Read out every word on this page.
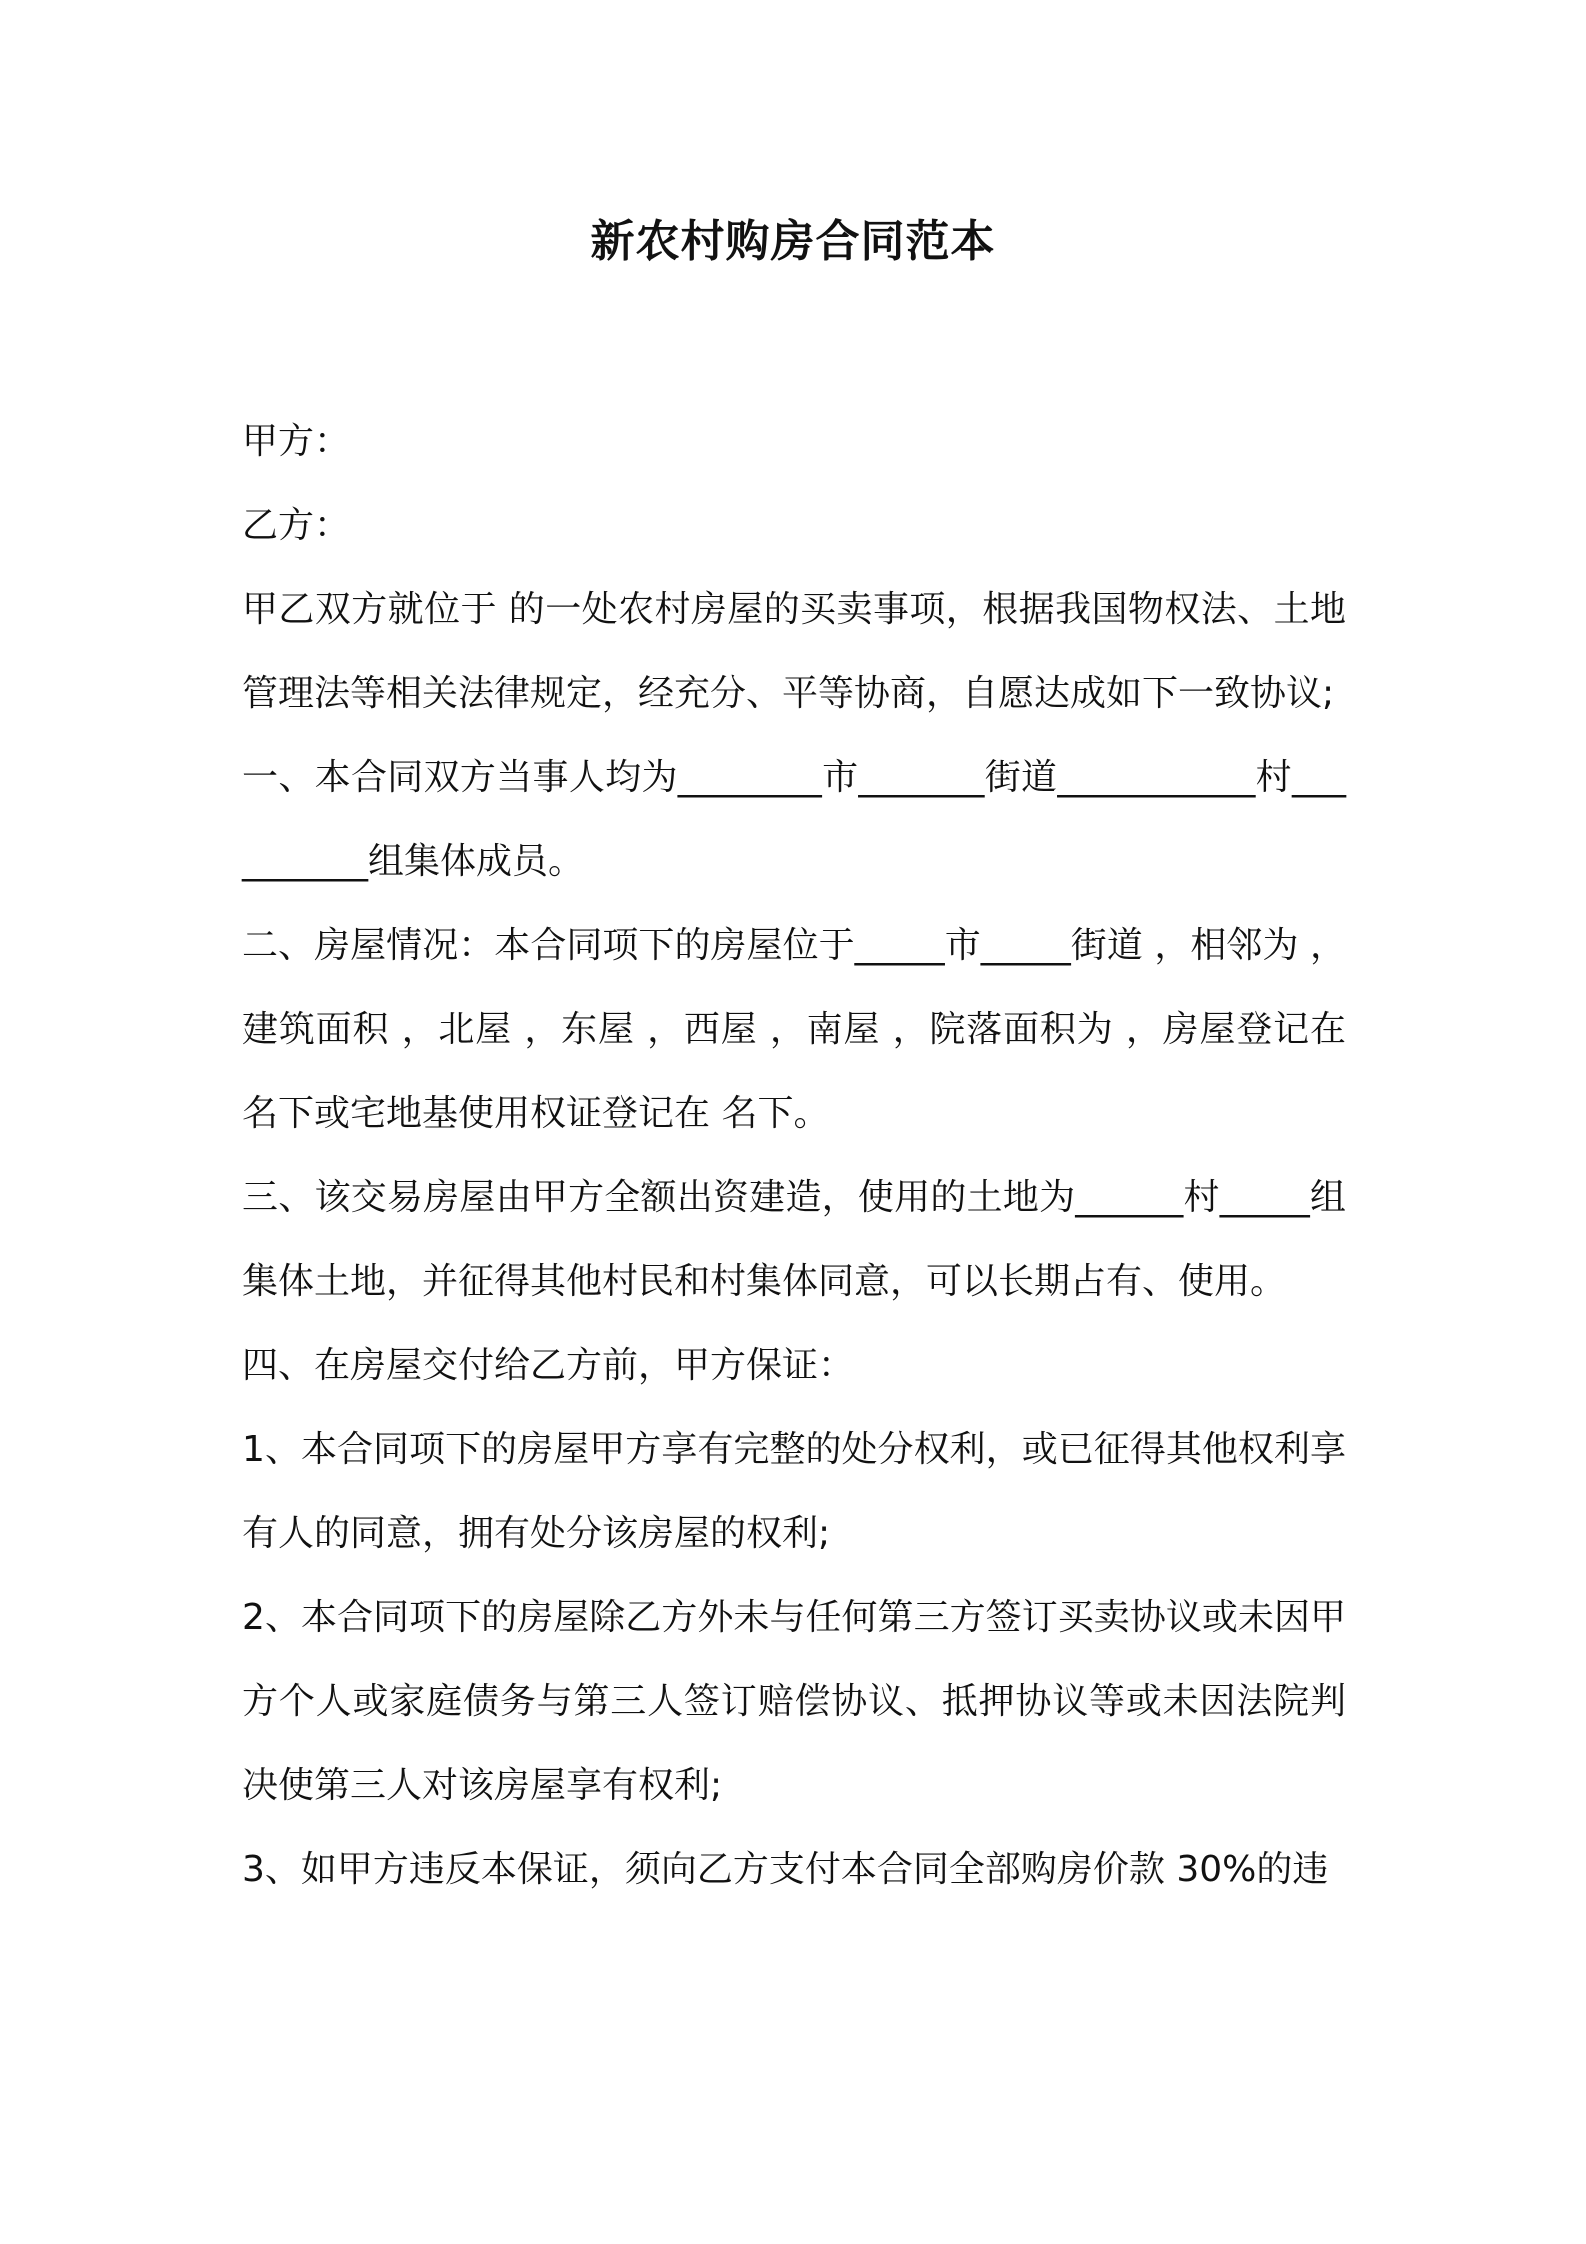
新农村购房合同范本

甲方：

乙方：

甲乙双方就位于 的一处农村房屋的买卖事项，根据我国物权法、土地管理法等相关法律规定，经充分、平等协商，自愿达成如下一致协议;

一、本合同双方当事人均为________市_______街道___________村__________组集体成员。

二、房屋情况：本合同项下的房屋位于_____市_____街道 ，相邻为 ，建筑面积 ，北屋 ，东屋 ，西屋 ，南屋 ，院落面积为 ，房屋登记在 名下或宅地基使用权证登记在 名下。

三、该交易房屋由甲方全额出资建造，使用的土地为______村_____组集体土地，并征得其他村民和村集体同意，可以长期占有、使用。

四、在房屋交付给乙方前，甲方保证：

1、本合同项下的房屋甲方享有完整的处分权利，或已征得其他权利享有人的同意，拥有处分该房屋的权利;

2、本合同项下的房屋除乙方外未与任何第三方签订买卖协议或未因甲方个人或家庭债务与第三人签订赔偿协议、抵押协议等或未因法院判决使第三人对该房屋享有权利;

3、如甲方违反本保证，须向乙方支付本合同全部购房价款 30%的违
